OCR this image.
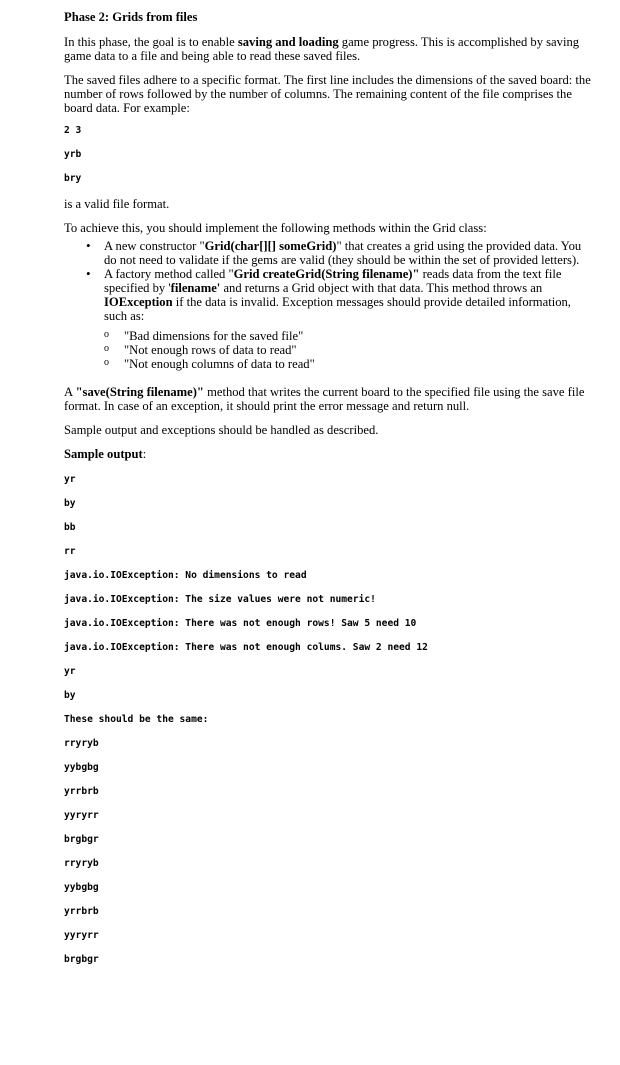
Phase 2: Grids from files

In this phase, the goal is to enable saving and loading game progress. This is accomplished by saving game data to a file and being able to read these saved files.

The saved files adhere to a specific format. The first line includes the dimensions of the saved board: the number of rows followed by the number of columns. The remaining content of the file comprises the board data. For example:

2 3
yrb
bry

is a valid file format.

To achieve this, you should implement the following methods within the Grid class:

• A new constructor "Grid(char[][] someGrid)" that creates a grid using the provided data. You do not need to validate if the gems are valid (they should be within the set of provided letters).
• A factory method called "Grid createGrid(String filename)" reads data from the text file specified by 'filename' and returns a Grid object with that data. This method throws an IOException if the data is invalid. Exception messages should provide detailed information, such as:
o "Bad dimensions for the saved file"
o "Not enough rows of data to read"
o "Not enough columns of data to read"

A "save(String filename)" method that writes the current board to the specified file using the save file format. In case of an exception, it should print the error message and return null.

Sample output and exceptions should be handled as described.

Sample output:

yr
by
bb
rr
java.io.IOException: No dimensions to read
java.io.IOException: The size values were not numeric!
java.io.IOException: There was not enough rows! Saw 5 need 10
java.io.IOException: There was not enough colums. Saw 2 need 12
yr
by
These should be the same:
rryryb
yybgbg
yrrbrb
yyryrr
brgbgr
rryryb
yybgbg
yrrbrb
yyryrr
brgbgr
